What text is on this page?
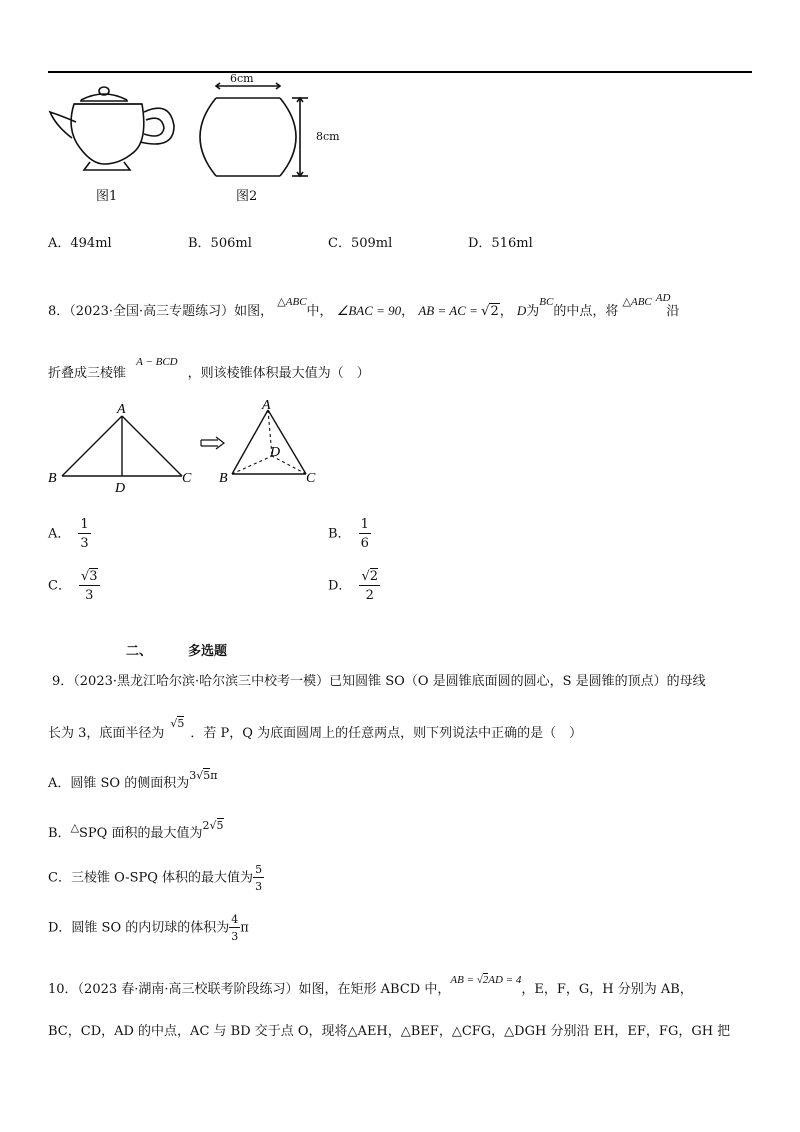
图1
6cm
8cm
图2
A．494ml	B．506ml	C．509ml	D．516ml
8．（2023·全国·高三专题练习）如图， $^{\triangle ABC}$中， ∠BAC = 90， AB = AC = √2， D为$^{BC}$的中点，将 $^{\triangle ABC}$ $^{AD}$沿
折叠成三棱锥 $^{A - BCD}$，则该棱锥体积最大值为（　）
A
B	C
D
A
B	C
D
A． $\frac{1}{3}$	B． $\frac{1}{6}$
C． $\frac{√3}{3}$	D． $\frac{√2}{2}$
二、	多选题
9．（2023·黑龙江哈尔滨·哈尔滨三中校考一模）已知圆锥 SO（O 是圆锥底面圆的圆心，S 是圆锥的顶点）的母线
长为 3，底面半径为$^{√5}$．若 P，Q 为底面圆周上的任意两点，则下列说法中正确的是（　）
A．圆锥 SO 的侧面积为$^{3√5\pi}$
B．△SPQ 面积的最大值为$^{2√5}$
C．三棱锥 O-SPQ 体积的最大值为 $\frac{5}{3}$
D．圆锥 SO 的内切球的体积为 $\frac{4}{3}$ π
10．（2023 春·湖南·高三校联考阶段练习）如图，在矩形 ABCD 中，$^{AB = √2AD = 4}$，E，F，G，H 分别为 AB，
BC，CD，AD 的中点，AC 与 BD 交于点 O，现将△AEH，△BEF，△CFG，△DGH 分别沿 EH，EF，FG，GH 把
